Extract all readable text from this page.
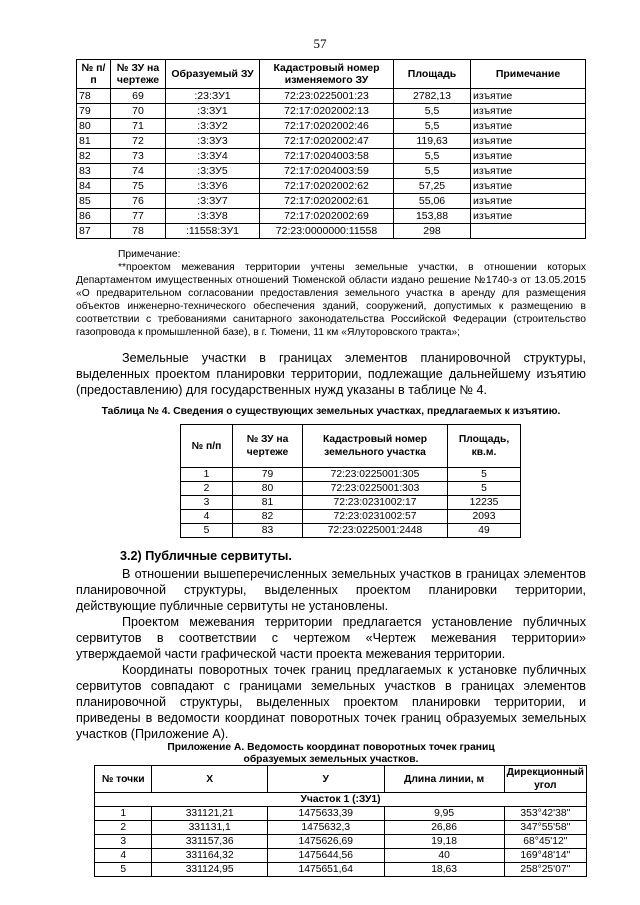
57
№ п/п	№ ЗУ на чертеже	Образуемый ЗУ	Кадастровый номер изменяемого ЗУ	Площадь	Примечание
78	69	:23:ЗУ1	72:23:0225001:23	2782,13	изъятие
79	70	:3:ЗУ1	72:17:0202002:13	5,5	изъятие
80	71	:3:ЗУ2	72:17:0202002:46	5,5	изъятие
81	72	:3:ЗУ3	72:17:0202002:47	119,63	изъятие
82	73	:3:ЗУ4	72:17:0204003:58	5,5	изъятие
83	74	:3:ЗУ5	72:17:0204003:59	5,5	изъятие
84	75	:3:ЗУ6	72:17:0202002:62	57,25	изъятие
85	76	:3:ЗУ7	72:17:0202002:61	55,06	изъятие
86	77	:3:ЗУ8	72:17:0202002:69	153,88	изъятие
87	78	:11558:ЗУ1	72:23:0000000:11558	298	

Примечание:

**проектом межевания территории учтены земельные участки, в отношении которых Департаментом имущественных отношений Тюменской области издано решение №1740-з от 13.05.2015 «О предварительном согласовании предоставления земельного участка в аренду для размещения объектов инженерно-технического обеспечения зданий, сооружений, допустимых к размещению в соответствии с требованиями санитарного законодательства Российской Федерации (строительство газопровода к промышленной базе), в г. Тюмени, 11 км «Ялуторовского тракта»;

Земельные участки в границах элементов планировочной структуры, выделенных проектом планировки территории, подлежащие дальнейшему изъятию (предоставлению) для государственных нужд указаны в таблице № 4.

Таблица № 4. Сведения о существующих земельных участках, предлагаемых к изъятию.
№ п/п	№ ЗУ на чертеже	Кадастровый номер земельного участка	Площадь, кв.м.
1	79	72:23:0225001:305	5
2	80	72:23:0225001:303	5
3	81	72:23:0231002:17	12235
4	82	72:23:0231002:57	2093
5	83	72:23:0225001:2448	49
3.2) Публичные сервитуты.

В отношении вышеперечисленных земельных участков в границах элементов планировочной структуры, выделенных проектом планировки территории, действующие публичные сервитуты не установлены.

Проектом межевания территории предлагается установление публичных сервитутов в соответствии с чертежом «Чертеж межевания территории» утверждаемой части графической части проекта межевания территории.

Координаты поворотных точек границ предлагаемых к установке публичных сервитутов совпадают с границами земельных участков в границах элементов планировочной структуры, выделенных проектом планировки территории, и приведены в ведомости координат поворотных точек границ образуемых земельных участков (Приложение А).

Приложение А. Ведомость координат поворотных точек границ
образуемых земельных участков.
№ точки	X	У	Длина линии, м	Дирекционный угол
Участок 1 (:ЗУ1)				
1	331121,21	1475633,39	9,95	353°42'38"
2	331131,1	1475632,3	26,86	347°55'58"
3	331157,36	1475626,69	19,18	68°45'12"
4	331164,32	1475644,56	40	169°48'14"
5	331124,95	1475651,64	18,63	258°25'07"
